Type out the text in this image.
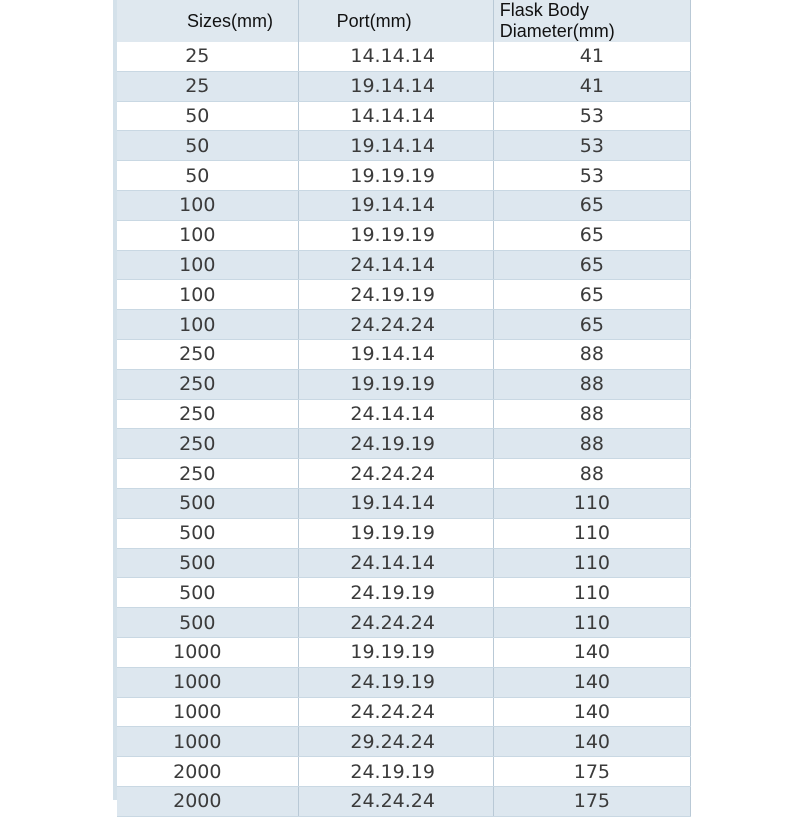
Sizes(mm)	Port(mm)	Flask Body Diameter(mm)
25	14.14.14	41
25	19.14.14	41
50	14.14.14	53
50	19.14.14	53
50	19.19.19	53
100	19.14.14	65
100	19.19.19	65
100	24.14.14	65
100	24.19.19	65
100	24.24.24	65
250	19.14.14	88
250	19.19.19	88
250	24.14.14	88
250	24.19.19	88
250	24.24.24	88
500	19.14.14	110
500	19.19.19	110
500	24.14.14	110
500	24.19.19	110
500	24.24.24	110
1000	19.19.19	140
1000	24.19.19	140
1000	24.24.24	140
1000	29.24.24	140
2000	24.19.19	175
2000	24.24.24	175
